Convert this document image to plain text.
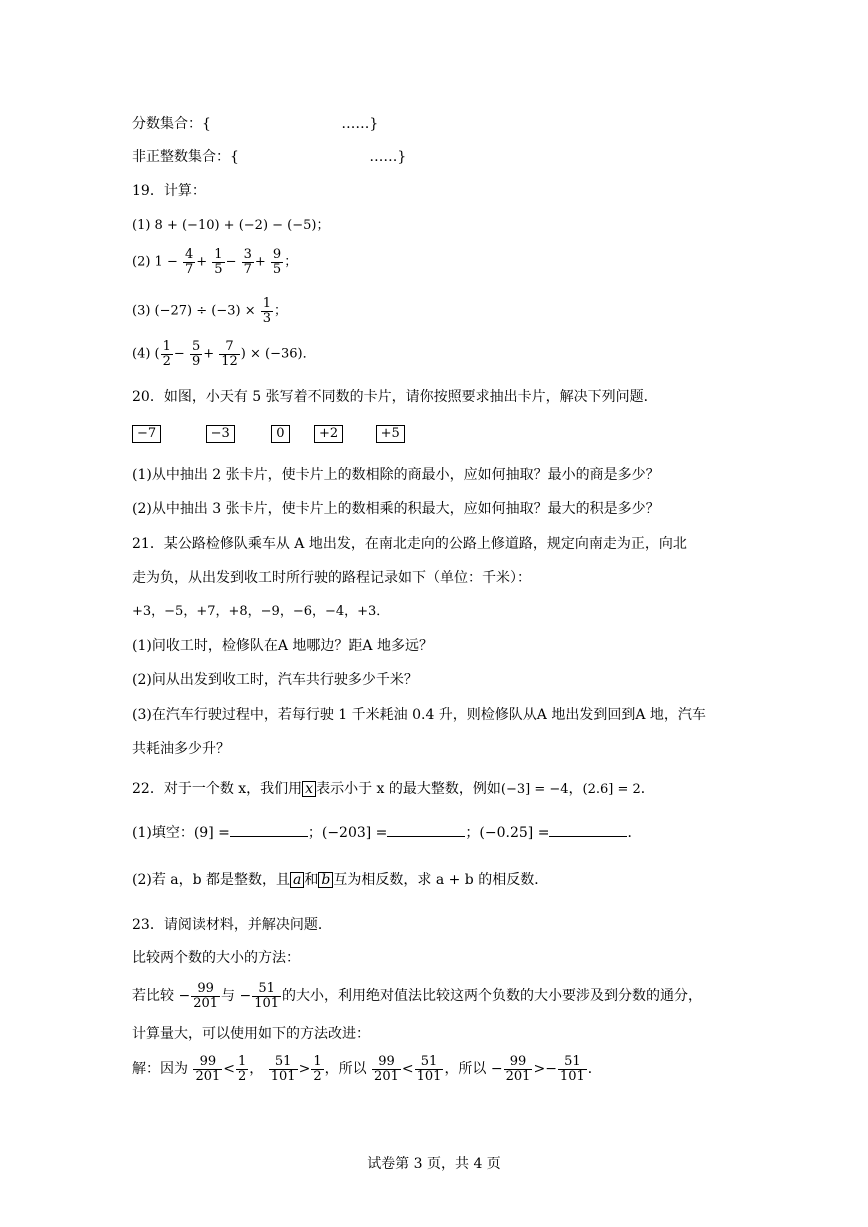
分数集合：{　　　　　　　　　 ……}
非正整数集合：{　　　　　　　　　 ……}
19．计算：
(1) 8 + (−10) + (−2) − (−5)；
(2) $1 - \frac{4}{7} + \frac{1}{5} - \frac{3}{7} + \frac{9}{5}$ ；
(3) $(-27) \div (-3) \times \frac{1}{3}$ ；
(4) ( $\frac{1}{2} - \frac{5}{9} + \frac{7}{12}$ ) × (−36)．
20．如图，小天有 5 张写着不同数的卡片，请你按照要求抽出卡片，解决下列问题．
−7	−3	0	+2	+5
(1)从中抽出 2 张卡片，使卡片上的数相除的商最小，应如何抽取？最小的商是多少？
(2)从中抽出 3 张卡片，使卡片上的数相乘的积最大，应如何抽取？最大的积是多少？
21．某公路检修队乘车从 A 地出发，在南北走向的公路上修道路，规定向南走为正，向北
走为负，从出发到收工时所行驶的路程记录如下（单位：千米）：
+3，−5，+7，+8，−9，−6，−4，+3．
(1)问收工时，检修队在A 地哪边？距A 地多远？
(2)问从出发到收工时，汽车共行驶多少千米？
(3)在汽车行驶过程中，若每行驶 1 千米耗油 0.4 升，则检修队从A 地出发到回到A 地，汽车
共耗油多少升？
22．对于一个数 x，我们用 x 表示小于 x 的最大整数，例如(−3] = −4，(2.6] = 2．
(1)填空：(9] =	；(−203] =	；(−0.25] =	．
(2)若 a，b 都是整数，且 a 和 b 互为相反数，求 a + b 的相反数．
23．请阅读材料，并解决问题．
比较两个数的大小的方法：
若比较 − $\frac{99}{201}$ 与 − $\frac{51}{101}$ 的大小，利用绝对值法比较这两个负数的大小要涉及到分数的通分，
计算量大，可以使用如下的方法改进：
解：因为 $\frac{99}{201} < \frac{1}{2}$ ， $\frac{51}{101} > \frac{1}{2}$ ，所以 $\frac{99}{201} < \frac{51}{101}$ ，所以 − $\frac{99}{201} >- \frac{51}{101}$ ．
试卷第 3 页，共 4 页
